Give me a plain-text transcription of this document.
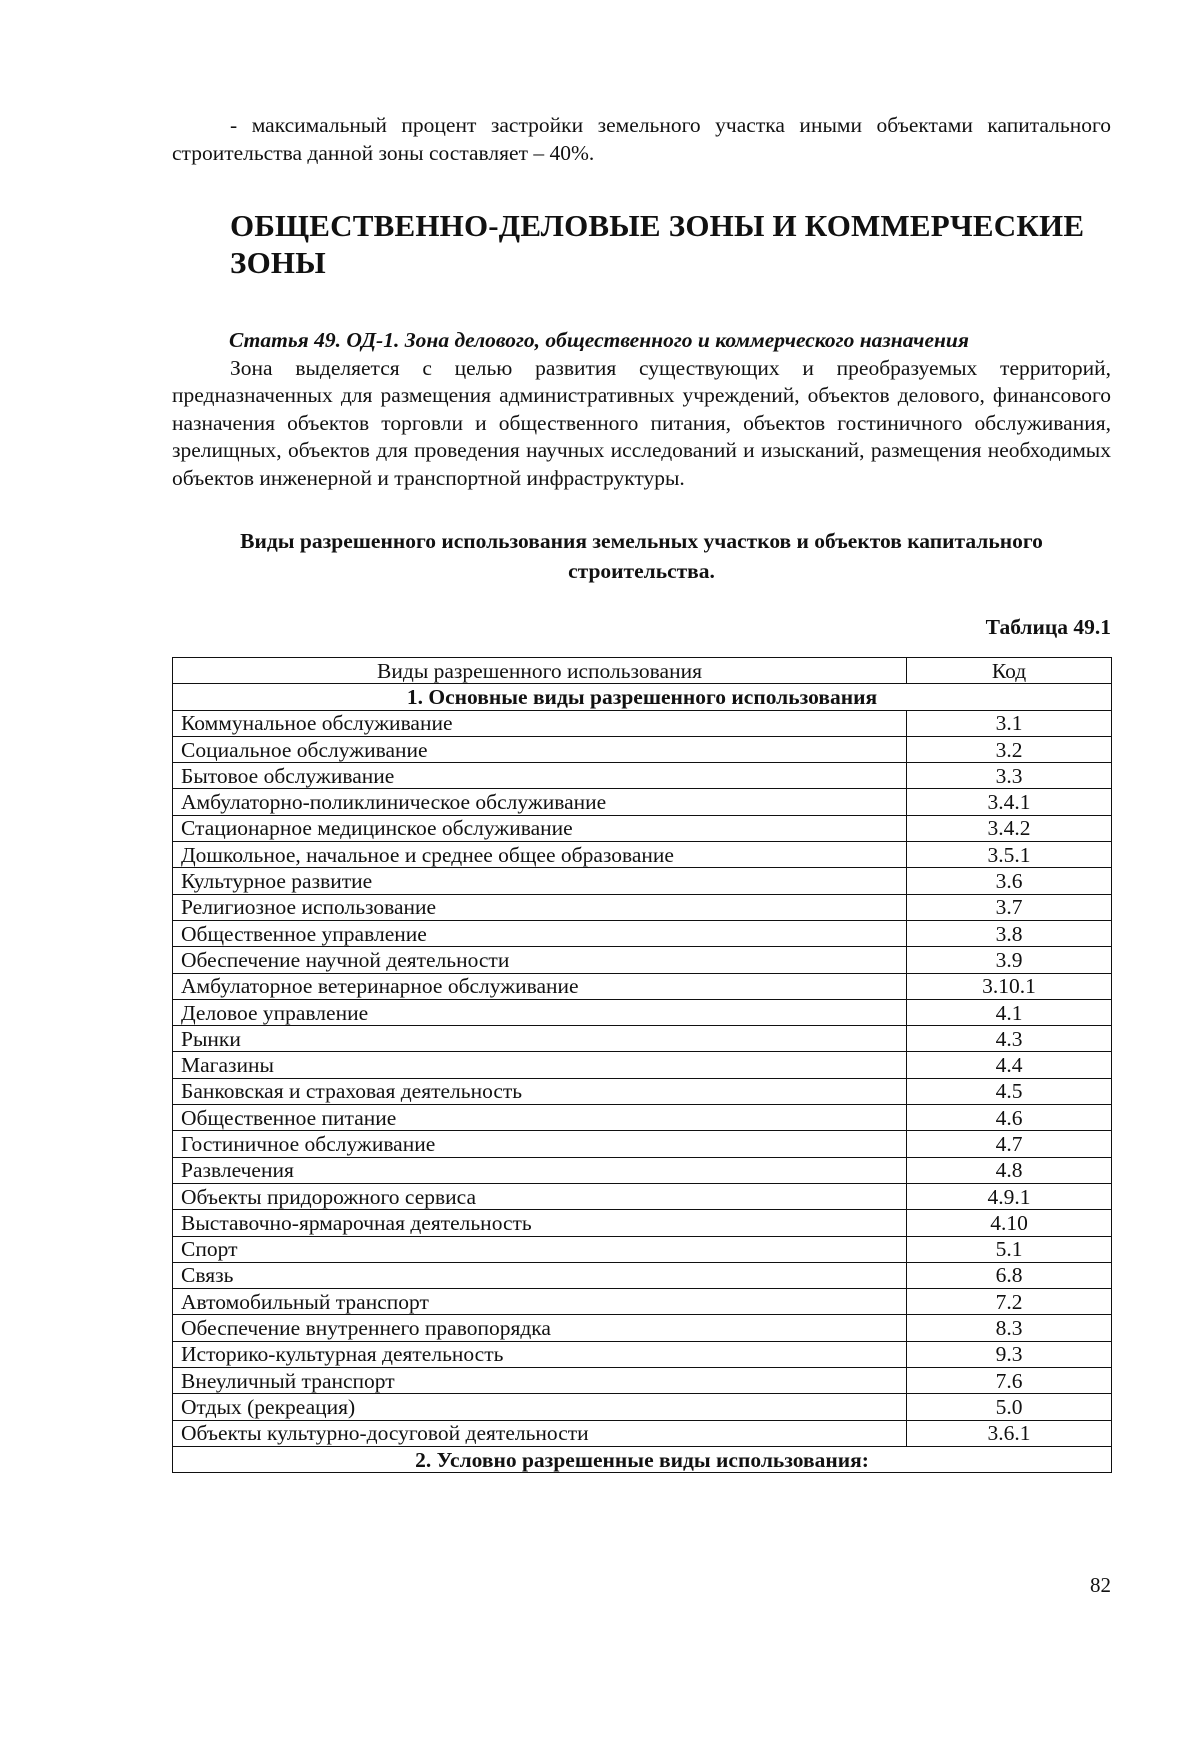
- максимальный процент застройки земельного участка иными объектами капитального строительства данной зоны составляет – 40%.

ОБЩЕСТВЕННО-ДЕЛОВЫЕ ЗОНЫ И КОММЕРЧЕСКИЕ ЗОНЫ

Статья 49. ОД-1. Зона делового, общественного и коммерческого назначения

Зона выделяется с целью развития существующих и преобразуемых территорий, предназначенных для размещения административных учреждений, объектов делового, финансового назначения объектов торговли и общественного питания, объектов гостиничного обслуживания, зрелищных, объектов для проведения научных исследований и изысканий, размещения необходимых объектов инженерной и транспортной инфраструктуры.

Виды разрешенного использования земельных участков и объектов капитального строительства.

Таблица 49.1

Виды разрешенного использования	Код
1. Основные виды разрешенного использования	
Коммунальное обслуживание	3.1
Социальное обслуживание	3.2
Бытовое обслуживание	3.3
Амбулаторно-поликлиническое обслуживание	3.4.1
Стационарное медицинское обслуживание	3.4.2
Дошкольное, начальное и среднее общее образование	3.5.1
Культурное развитие	3.6
Религиозное использование	3.7
Общественное управление	3.8
Обеспечение научной деятельности	3.9
Амбулаторное ветеринарное обслуживание	3.10.1
Деловое управление	4.1
Рынки	4.3
Магазины	4.4
Банковская и страховая деятельность	4.5
Общественное питание	4.6
Гостиничное обслуживание	4.7
Развлечения	4.8
Объекты придорожного сервиса	4.9.1
Выставочно-ярмарочная деятельность	4.10
Спорт	5.1
Связь	6.8
Автомобильный транспорт	7.2
Обеспечение внутреннего правопорядка	8.3
Историко-культурная деятельность	9.3
Внеуличный транспорт	7.6
Отдых (рекреация)	5.0
Объекты культурно-досуговой деятельности	3.6.1
2. Условно разрешенные виды использования:	
82
